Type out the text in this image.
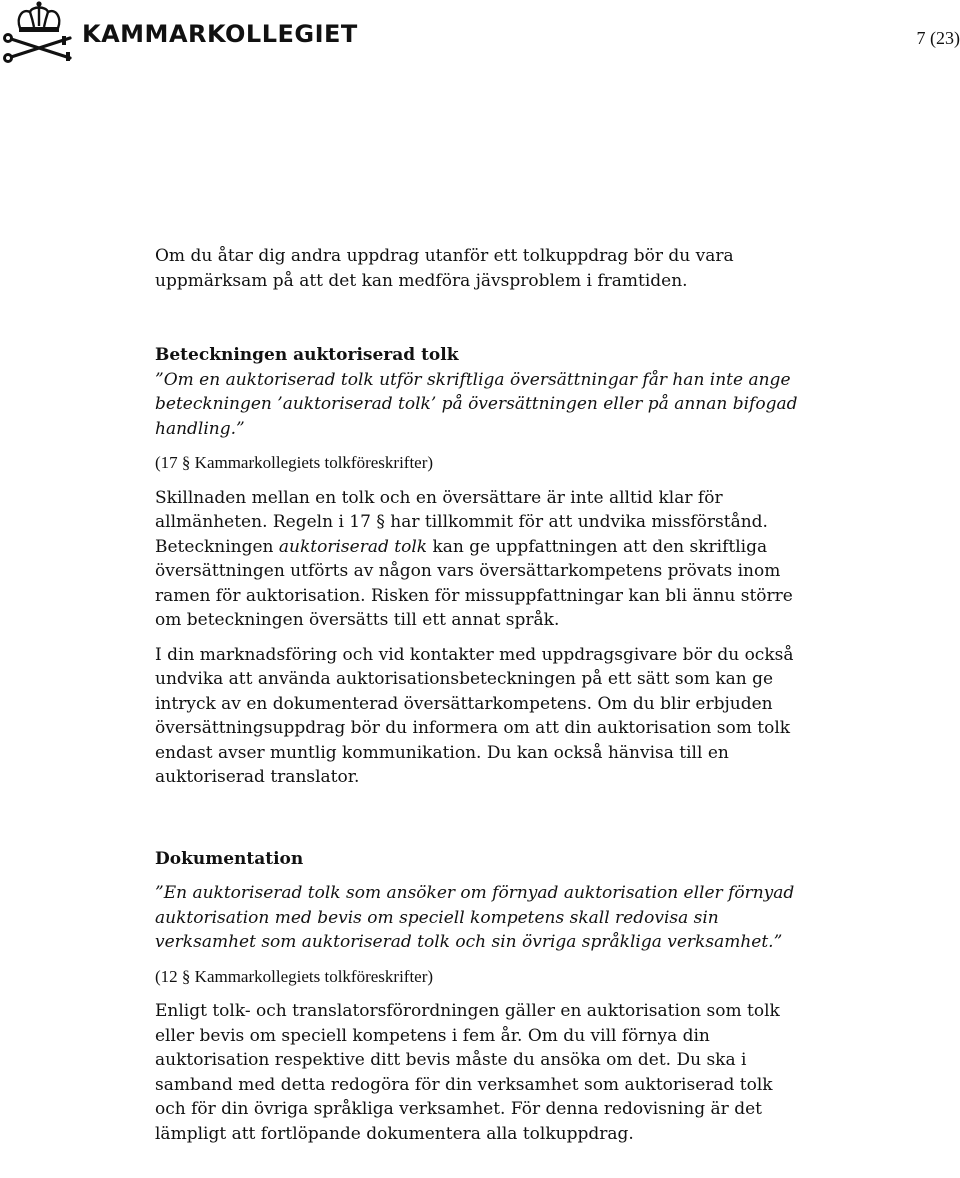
KAMMARKOLLEGIET	7 (23)

Om du åtar dig andra uppdrag utanför ett tolkuppdrag bör du vara uppmärksam på att det kan medföra jävsproblem i framtiden.

Beteckningen auktoriserad tolk

”Om en auktoriserad tolk utför skriftliga översättningar får han inte ange beteckningen ’auktoriserad tolk’ på översättningen eller på annan bifogad handling.”

(17 § Kammarkollegiets tolkföreskrifter)

Skillnaden mellan en tolk och en översättare är inte alltid klar för allmänheten. Regeln i 17 § har tillkommit för att undvika missförstånd. Beteckningen auktoriserad tolk kan ge uppfattningen att den skriftliga översättningen utförts av någon vars översättarkompetens prövats inom ramen för auktorisation. Risken för missuppfattningar kan bli ännu större om beteckningen översätts till ett annat språk.

I din marknadsföring och vid kontakter med uppdragsgivare bör du också undvika att använda auktorisationsbeteckningen på ett sätt som kan ge intryck av en dokumenterad översättarkompetens. Om du blir erbjuden översättningsuppdrag bör du informera om att din auktorisation som tolk endast avser muntlig kommunikation. Du kan också hänvisa till en auktoriserad translator.

Dokumentation

”En auktoriserad tolk som ansöker om förnyad auktorisation eller förnyad auktorisation med bevis om speciell kompetens skall redovisa sin verksamhet som auktoriserad tolk och sin övriga språkliga verksamhet.”

(12 § Kammarkollegiets tolkföreskrifter)

Enligt tolk- och translatorsförordningen gäller en auktorisation som tolk eller bevis om speciell kompetens i fem år. Om du vill förnya din auktorisation respektive ditt bevis måste du ansöka om det. Du ska i samband med detta redogöra för din verksamhet som auktoriserad tolk och för din övriga språkliga verksamhet. För denna redovisning är det lämpligt att fortlöpande dokumentera alla tolkuppdrag.
